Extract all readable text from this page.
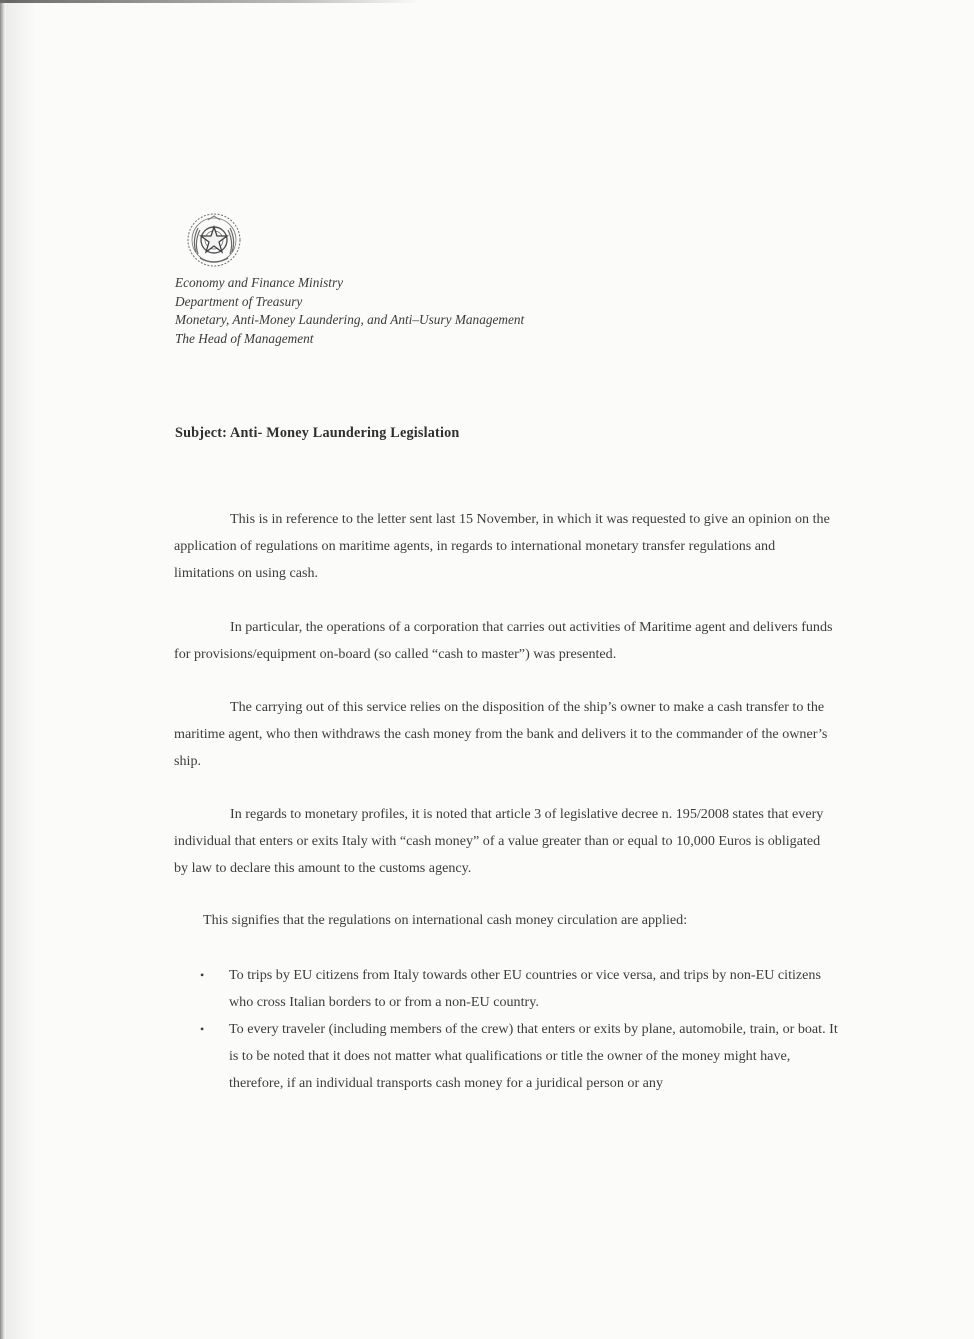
Economy and Finance Ministry
Department of Treasury
Monetary, Anti-Money Laundering, and Anti–Usury Management
The Head of Management
Subject: Anti- Money Laundering Legislation

This is in reference to the letter sent last 15 November, in which it was requested to give an opinion on the application of regulations on maritime agents, in regards to international monetary transfer regulations and limitations on using cash.

In particular, the operations of a corporation that carries out activities of Maritime agent and delivers funds for provisions/equipment on-board (so called “cash to master”) was presented.

The carrying out of this service relies on the disposition of the ship’s owner to make a cash transfer to the maritime agent, who then withdraws the cash money from the bank and delivers it to the commander of the owner’s ship.

In regards to monetary profiles, it is noted that article 3 of legislative decree n. 195/2008 states that every individual that enters or exits Italy with “cash money” of a value greater than or equal to 10,000 Euros is obligated by law to declare this amount to the customs agency.

This signifies that the regulations on international cash money circulation are applied:

•	To trips by EU citizens from Italy towards other EU countries or vice versa, and trips by non-EU citizens who cross Italian borders to or from a non-EU country.
•	To every traveler (including members of the crew) that enters or exits by plane, automobile, train, or boat. It is to be noted that it does not matter what qualifications or title the owner of the money might have, therefore, if an individual transports cash money for a juridical person or any
